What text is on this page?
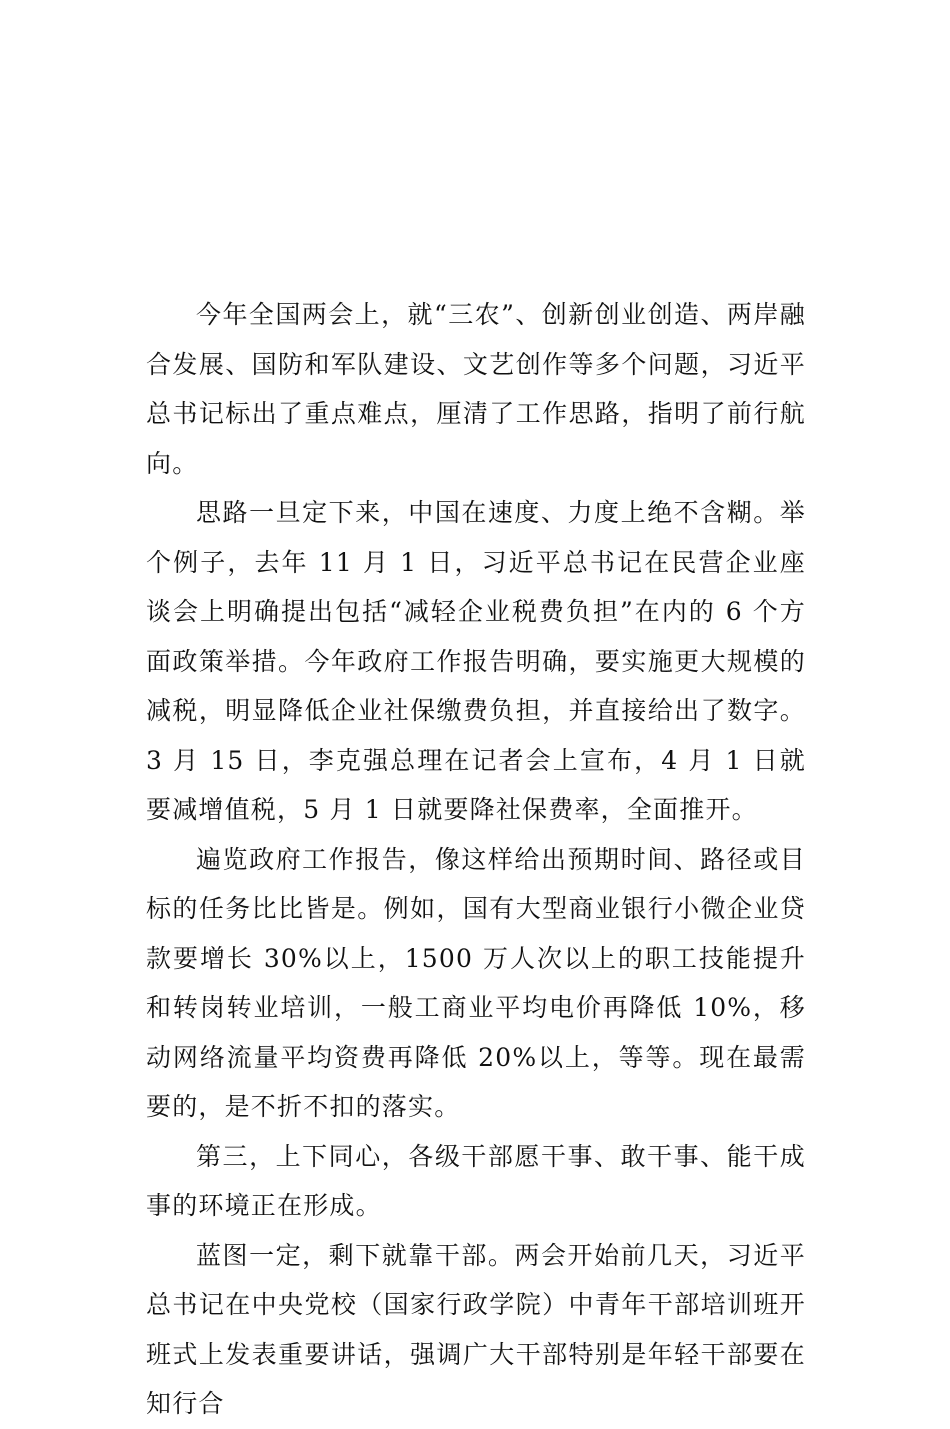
今年全国两会上，就“三农”、创新创业创造、两岸融合发展、国防和军队建设、文艺创作等多个问题，习近平总书记标出了重点难点，厘清了工作思路，指明了前行航向。

思路一旦定下来，中国在速度、力度上绝不含糊。举个例子，去年 11 月 1 日，习近平总书记在民营企业座谈会上明确提出包括“减轻企业税费负担”在内的 6 个方面政策举措。今年政府工作报告明确，要实施更大规模的减税，明显降低企业社保缴费负担，并直接给出了数字。3 月 15 日，李克强总理在记者会上宣布，4 月 1 日就要减增值税，5 月 1 日就要降社保费率，全面推开。

遍览政府工作报告，像这样给出预期时间、路径或目标的任务比比皆是。例如，国有大型商业银行小微企业贷款要增长 30%以上，1500 万人次以上的职工技能提升和转岗转业培训，一般工商业平均电价再降低 10%，移动网络流量平均资费再降低 20%以上，等等。现在最需要的，是不折不扣的落实。

第三，上下同心，各级干部愿干事、敢干事、能干成事的环境正在形成。

蓝图一定，剩下就靠干部。两会开始前几天，习近平总书记在中央党校（国家行政学院）中青年干部培训班开班式上发表重要讲话，强调广大干部特别是年轻干部要在知行合
